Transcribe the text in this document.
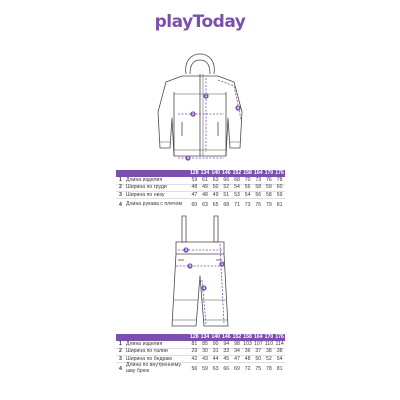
playToday
1
2
3
4
		128	134	140	146	152	158	164	170	176
1	Длина изделия	59	61	63	66	68	70	73	76	78
2	Ширина по груди	48	49	50	52	54	56	58	59	60
3	Ширина по низу	47	48	49	51	53	54	56	58	59
4	Длина рукава с плечом	60	63	65	68	71	73	76	79	81
1
2
3
4
		128	134	140	146	152	158	164	170	176
1	Длина изделия	81	85	90	94	98	103	107	110	114
2	Ширина по талии	29	30	31	33	34	36	37	38	38
3	Ширина по бедрам	42	43	44	45	47	48	50	52	54
4	Длина по внутреннему шву брюк	56	59	63	66	69	72	75	78	81
